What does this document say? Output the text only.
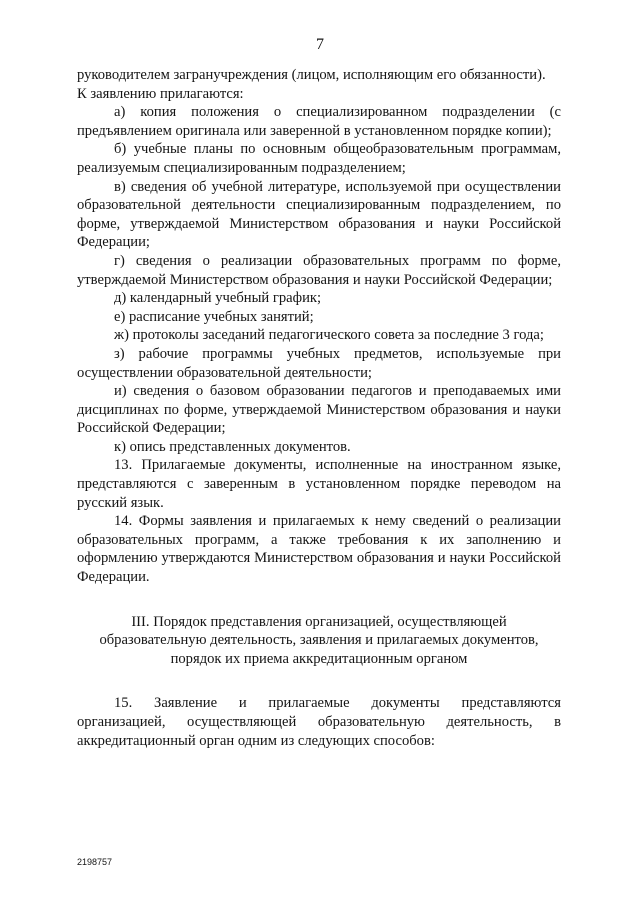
7

руководителем загранучреждения (лицом, исполняющим его обязанности).

К заявлению прилагаются:

а) копия положения о специализированном подразделении (с предъявлением оригинала или заверенной в установленном порядке копии);

б) учебные планы по основным общеобразовательным программам, реализуемым специализированным подразделением;

в) сведения об учебной литературе, используемой при осуществлении образовательной деятельности специализированным подразделением, по форме, утверждаемой Министерством образования и науки Российской Федерации;

г) сведения о реализации образовательных программ по форме, утверждаемой Министерством образования и науки Российской Федерации;

д) календарный учебный график;

е) расписание учебных занятий;

ж) протоколы заседаний педагогического совета за последние 3 года;

з) рабочие программы учебных предметов, используемые при осуществлении образовательной деятельности;

и) сведения о базовом образовании педагогов и преподаваемых ими дисциплинах по форме, утверждаемой Министерством образования и науки Российской Федерации;

к) опись представленных документов.

13. Прилагаемые документы, исполненные на иностранном языке, представляются с заверенным в установленном порядке переводом на русский язык.

14. Формы заявления и прилагаемых к нему сведений о реализации образовательных программ, а также требования к их заполнению и оформлению утверждаются Министерством образования и науки Российской Федерации.

III. Порядок представления организацией, осуществляющей
образовательную деятельность, заявления и прилагаемых документов,
порядок их приема аккредитационным органом

15. Заявление и прилагаемые документы представляются организацией, осуществляющей образовательную деятельность, в аккредитационный орган одним из следующих способов:

2198757
